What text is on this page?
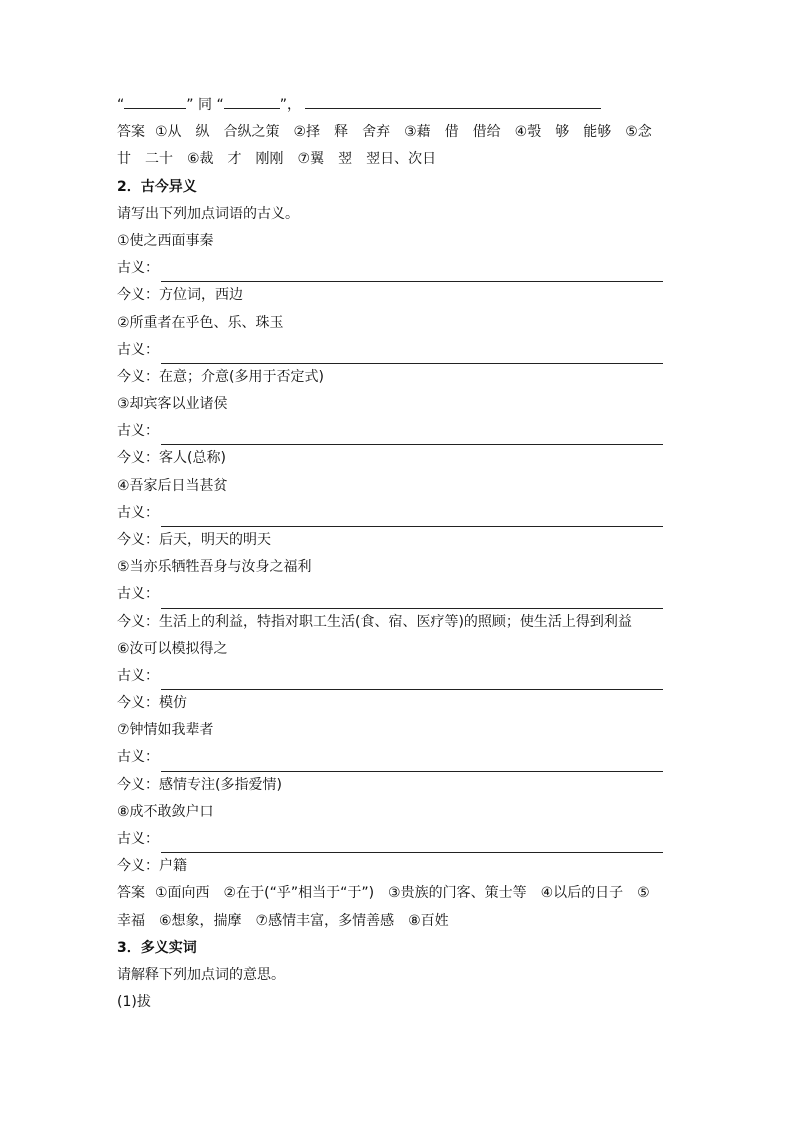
“	” 同 “	”，
答案 ①从　纵　合纵之策　②择　释　舍弃　③藉　借　借给　④彀　够　能够　⑤念
廿　二十　⑥裁　才　刚刚　⑦翼　翌　翌日、次日
2．古今异义
请写出下列加点词语的古义。
①使之西面事秦
古义：
今义：方位词，西边
②所重者在乎色、乐、珠玉
古义：
今义：在意；介意(多用于否定式)
③却宾客以业诸侯
古义：
今义：客人(总称)
④吾家后日当甚贫
古义：
今义：后天，明天的明天
⑤当亦乐牺牲吾身与汝身之福利
古义：
今义：生活上的利益，特指对职工生活(食、宿、医疗等)的照顾；使生活上得到利益
⑥汝可以模拟得之
古义：
今义：模仿
⑦钟情如我辈者
古义：
今义：感情专注(多指爱情)
⑧成不敢敛户口
古义：
今义：户籍
答案 ①面向西　②在于(“乎”相当于“于”)　③贵族的门客、策士等　④以后的日子　⑤
幸福　⑥想象，揣摩　⑦感情丰富，多情善感　⑧百姓
3．多义实词
请解释下列加点词的意思。
(1)拔
